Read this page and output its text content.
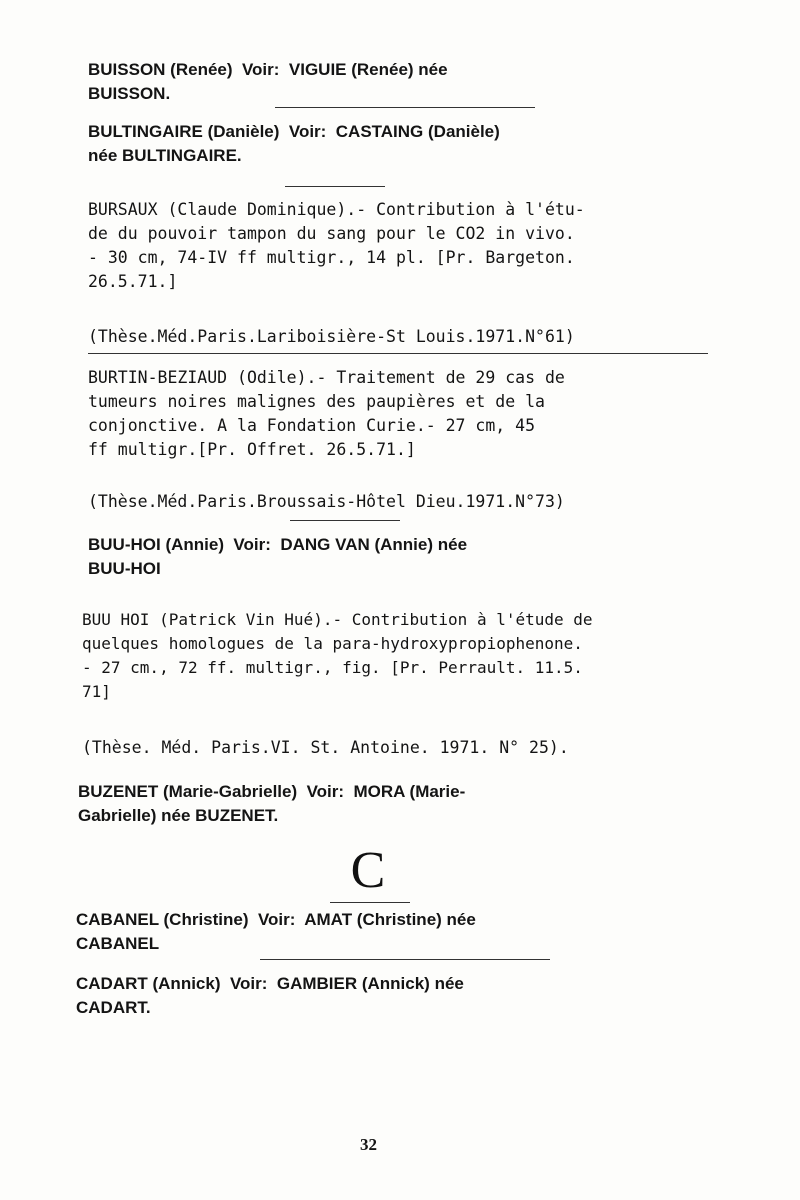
BUISSON (Renée)  Voir:  VIGUIE (Renée) née
BUISSON.
BULTINGAIRE (Danièle)  Voir:  CASTAING (Danièle)
née BULTINGAIRE.
BURSAUX (Claude Dominique).- Contribution à l'étu-
de du pouvoir tampon du sang pour le CO2 in vivo.
- 30 cm, 74-IV ff multigr., 14 pl. [Pr. Bargeton.
26.5.71.]
(Thèse.Méd.Paris.Lariboisière-St Louis.1971.N°61)
BURTIN-BEZIAUD (Odile).- Traitement de 29 cas de
tumeurs noires malignes des paupières et de la
conjonctive. A la Fondation Curie.- 27 cm, 45
ff multigr.[Pr. Offret. 26.5.71.]
(Thèse.Méd.Paris.Broussais-Hôtel Dieu.1971.N°73)
BUU-HOI (Annie)  Voir:  DANG VAN (Annie) née
BUU-HOI
BUU HOI (Patrick Vin Hué).- Contribution à l'étude de
quelques homologues de la para-hydroxypropiophenone.
- 27 cm., 72 ff. multigr., fig. [Pr. Perrault. 11.5.
71]
(Thèse. Méd. Paris.VI. St. Antoine. 1971. N° 25).
BUZENET (Marie-Gabrielle)  Voir:  MORA (Marie-
Gabrielle) née BUZENET.
C
CABANEL (Christine)  Voir:  AMAT (Christine) née
CABANEL
CADART (Annick)  Voir:  GAMBIER (Annick) née
CADART.
32
